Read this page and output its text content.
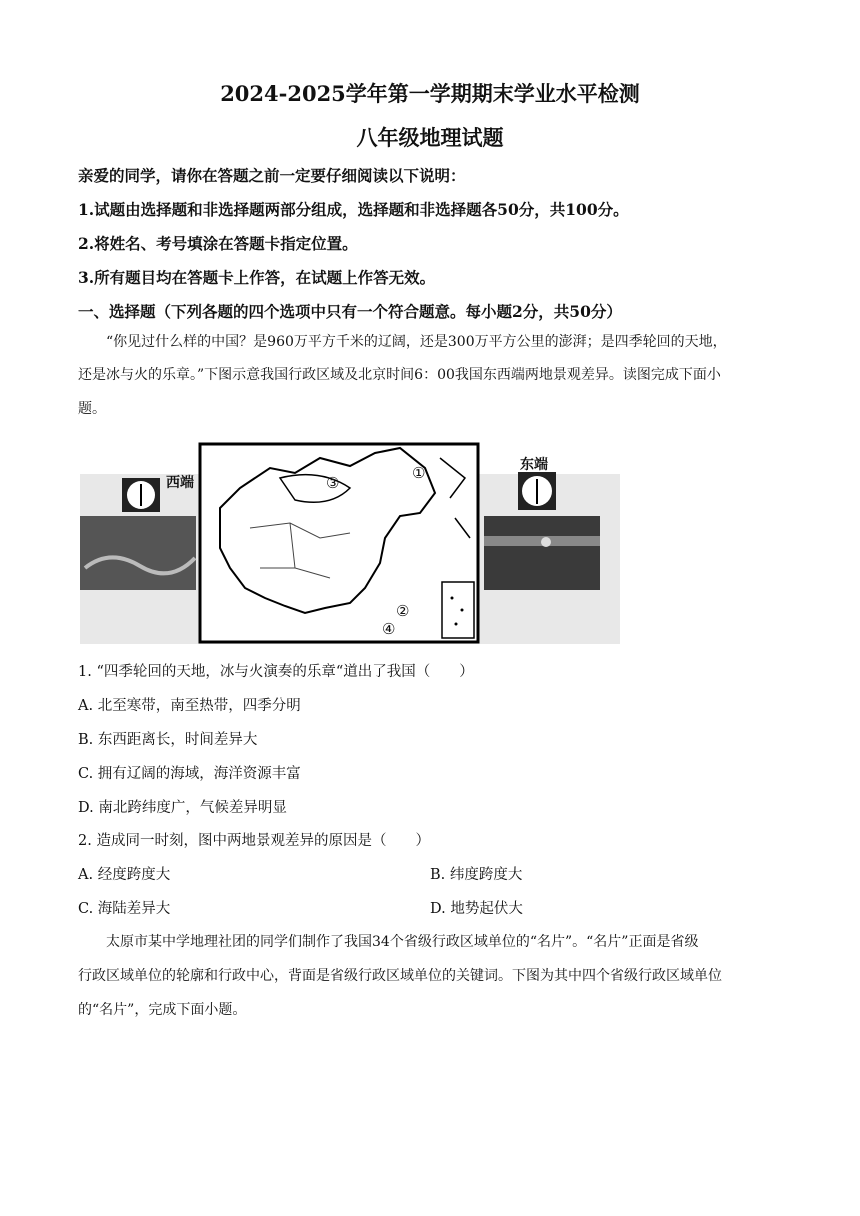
2024-2025学年第一学期期末学业水平检测
八年级地理试题
亲爱的同学，请你在答题之前一定要仔细阅读以下说明：
1.试题由选择题和非选择题两部分组成，选择题和非选择题各50分，共100分。
2.将姓名、考号填涂在答题卡指定位置。
3.所有题目均在答题卡上作答，在试题上作答无效。
一、选择题（下列各题的四个选项中只有一个符合题意。每小题2分，共50分）
“你见过什么样的中国？是960万平方千米的辽阔，还是300万平方公里的澎湃；是四季轮回的天地，
还是冰与火的乐章。”下图示意我国行政区域及北京时间6：00我国东西端两地景观差异。读图完成下面小
题。
西端
东端
①
②
③
④
1. “四季轮回的天地，冰与火演奏的乐章“道出了我国（　　）
A. 北至寒带，南至热带，四季分明
B. 东西距离长，时间差异大
C. 拥有辽阔的海域，海洋资源丰富
D. 南北跨纬度广，气候差异明显
2. 造成同一时刻，图中两地景观差异的原因是（　　）
A. 经度跨度大	B. 纬度跨度大
C. 海陆差异大	D. 地势起伏大
太原市某中学地理社团的同学们制作了我国34个省级行政区域单位的“名片”。“名片”正面是省级
行政区域单位的轮廓和行政中心，背面是省级行政区域单位的关键词。下图为其中四个省级行政区域单位
的“名片”，完成下面小题。
